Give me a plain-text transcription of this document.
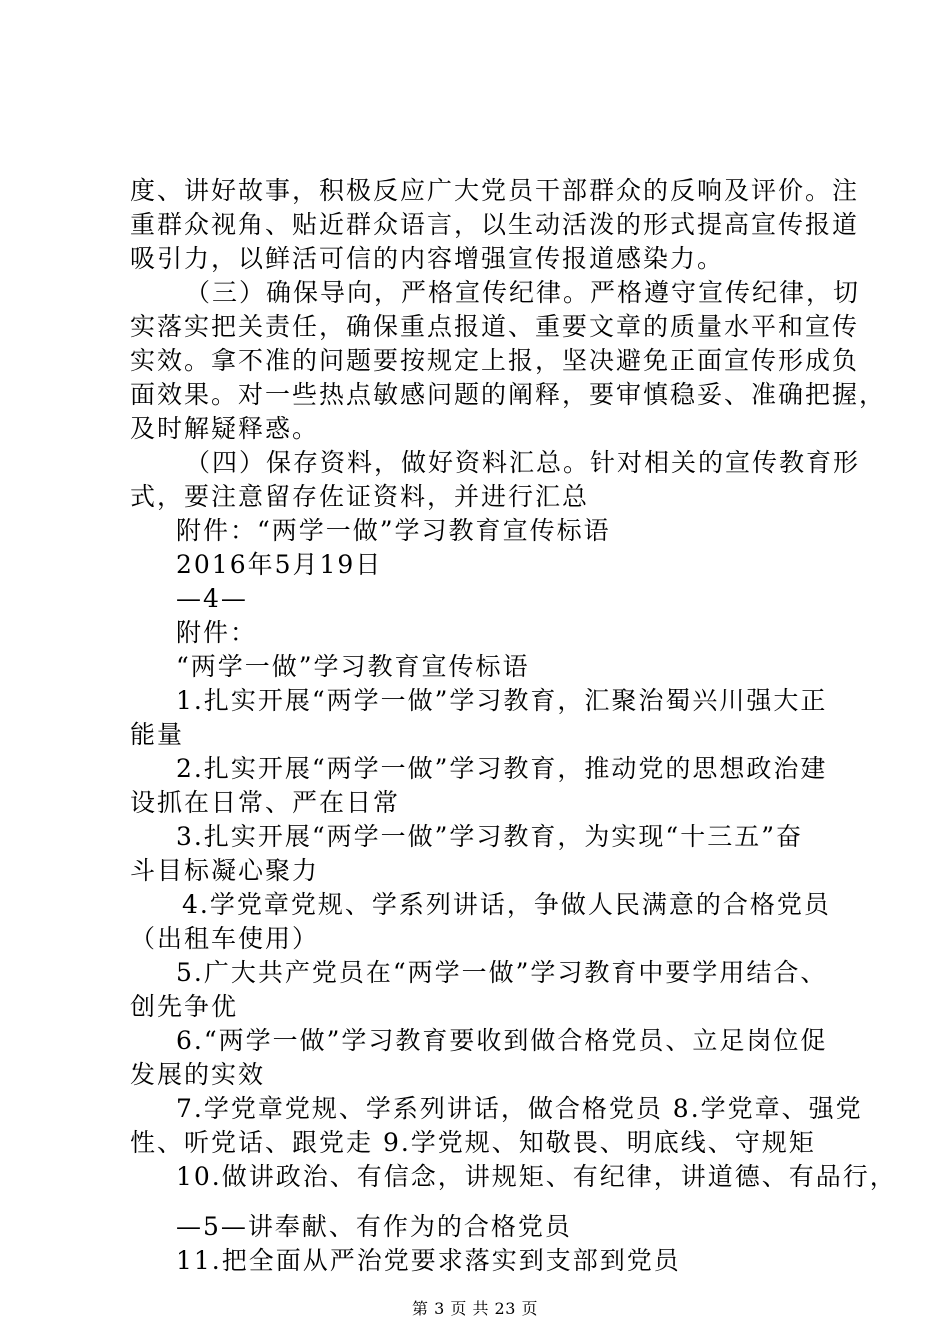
度、讲好故事，积极反应广大党员干部群众的反响及评价。注
重群众视角、贴近群众语言，以生动活泼的形式提高宣传报道
吸引力，以鲜活可信的内容增强宣传报道感染力。
（三）确保导向，严格宣传纪律。严格遵守宣传纪律，切
实落实把关责任，确保重点报道、重要文章的质量水平和宣传
实效。拿不准的问题要按规定上报，坚决避免正面宣传形成负
面效果。对一些热点敏感问题的阐释，要审慎稳妥、准确把握，
及时解疑释惑。
（四）保存资料，做好资料汇总。针对相关的宣传教育形
式，要注意留存佐证资料，并进行汇总
附件：“两学一做”学习教育宣传标语
2016年5月19日
—4—
附件：
“两学一做”学习教育宣传标语
1.扎实开展“两学一做”学习教育，汇聚治蜀兴川强大正
能量
2.扎实开展“两学一做”学习教育，推动党的思想政治建
设抓在日常、严在日常
3.扎实开展“两学一做”学习教育，为实现“十三五”奋
斗目标凝心聚力
4.学党章党规、学系列讲话，争做人民满意的合格党员
（出租车使用）
5.广大共产党员在“两学一做”学习教育中要学用结合、
创先争优
6.“两学一做”学习教育要收到做合格党员、立足岗位促
发展的实效
7.学党章党规、学系列讲话，做合格党员 8.学党章、强党
性、听党话、跟党走 9.学党规、知敬畏、明底线、守规矩
10.做讲政治、有信念，讲规矩、有纪律，讲道德、有品行，
—5—讲奉献、有作为的合格党员
11.把全面从严治党要求落实到支部到党员
第 3 页 共 23 页
